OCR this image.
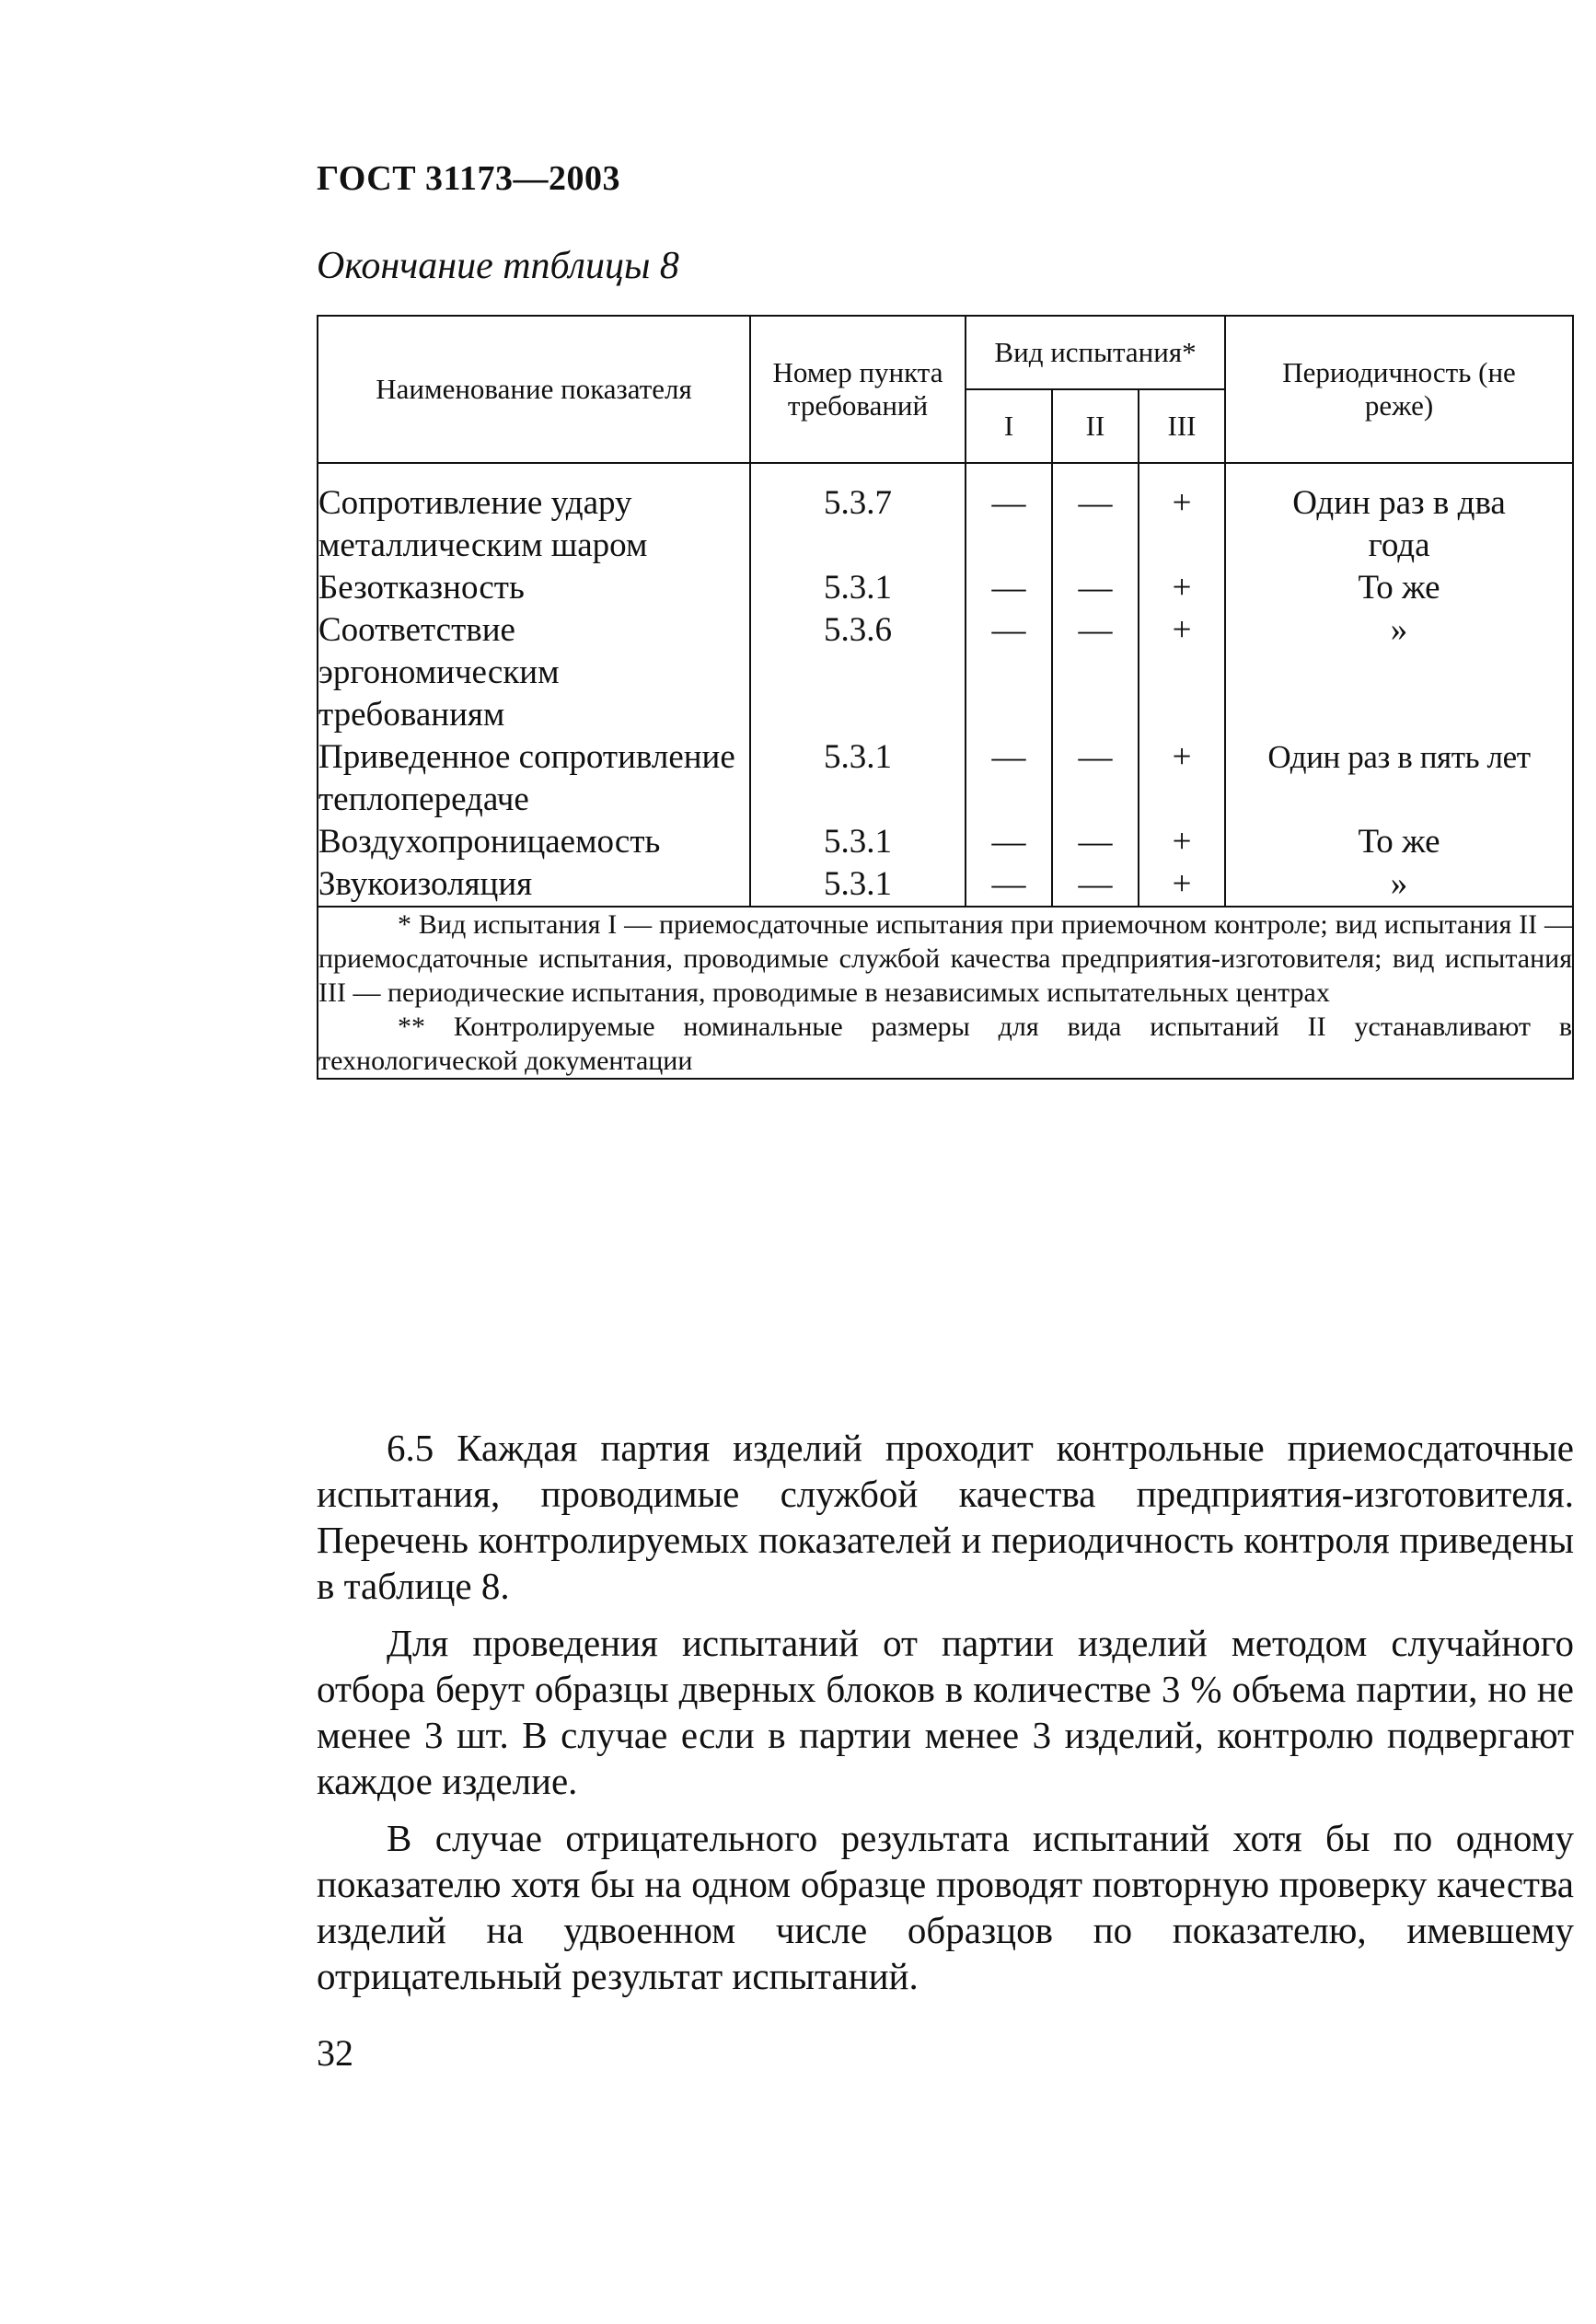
ГОСТ 31173—2003
Окончание тпблицы 8
Наименование показателя	Номер пункта требований	Вид испытания*			Периодичность (не реже)
		I	II	III	
Сопротивление удару металлическим шаром	5.3.7	—	—	+	Один раз в два года
Безотказность	5.3.1	—	—	+	То же
Соответствие эргономическим требованиям	5.3.6	—	—	+	»
Приведенное сопротивление теплопередаче	5.3.1	—	—	+	Один раз в пять лет
Воздухопроницаемость	5.3.1	—	—	+	То же
Звукоизоляция	5.3.1	—	—	+	»

* Вид испытания I — приемосдаточные испытания при приемочном контроле; вид испытания II — приемосдаточные испытания, проводимые службой качества предприятия-изготовителя; вид испытания III — периодические испытания, проводимые в независимых испытательных центрах

** Контролируемые номинальные размеры для вида испытаний II устанавливают в технологической документации					

6.5 Каждая партия изделий проходит контрольные приемосдаточные испытания, проводимые службой качества предприятия-изготовителя. Перечень контролируемых показателей и периодичность контроля приведены в таблице 8.

Для проведения испытаний от партии изделий методом случайного отбора берут образцы дверных блоков в количестве 3 % объема партии, но не менее 3 шт. В случае если в партии менее 3 изделий, контролю подвергают каждое изделие.

В случае отрицательного результата испытаний хотя бы по одному показателю хотя бы на одном образце проводят повторную проверку качества изделий на удвоенном числе образцов по показателю, имевшему отрицательный результат испытаний.

32
